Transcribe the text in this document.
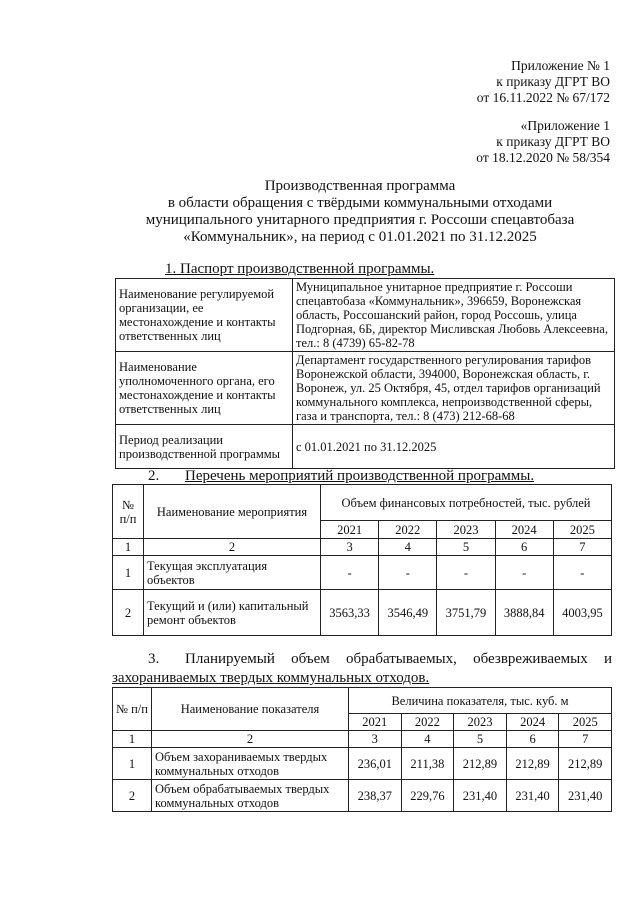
Приложение № 1
к приказу ДГРТ ВО
от 16.11.2022 № 67/172
«Приложение 1
к приказу ДГРТ ВО
от 18.12.2020 № 58/354
Производственная программа
в области обращения с твёрдыми коммунальными отходами
муниципального унитарного предприятия г. Россоши спецавтобаза
«Коммунальник», на период с 01.01.2021 по 31.12.2025
1. Паспорт производственной программы.
Наименование регулируемой организации, ее местонахождение и контакты ответственных лиц	Муниципальное унитарное предприятие г. Россоши спецавтобаза «Коммунальник», 396659, Воронежская область, Россошанский район, город Россошь, улица Подгорная, 6Б, директор Мисливская Любовь Алексеевна, тел.: 8 (4739) 65-82-78
Наименование уполномоченного органа, его местонахождение и контакты ответственных лиц	Департамент государственного регулирования тарифов Воронежской области, 394000, Воронежская область, г. Воронеж, ул. 25 Октября, 45, отдел тарифов организаций коммунального комплекса, непроизводственной сферы, газа и транспорта, тел.: 8 (473) 212-68-68
Период реализации производственной программы	с 01.01.2021 по 31.12.2025
2. Перечень мероприятий производственной программы.
№ п/п	Наименование мероприятия	Объем финансовых потребностей, тыс. рублей				
		2021	2022	2023	2024	2025
1	2	3	4	5	6	7
1	Текущая эксплуатация объектов	-	-	-	-	-
2	Текущий и (или) капитальный ремонт объектов	3563,33	3546,49	3751,79	3888,84	4003,95
3. Планируемый объем обрабатываемых, обезвреживаемых и
захораниваемых твердых коммунальных отходов.
№ п/п	Наименование показателя	Величина показателя, тыс. куб. м				
		2021	2022	2023	2024	2025
1	2	3	4	5	6	7
1	Объем захораниваемых твердых коммунальных отходов	236,01	211,38	212,89	212,89	212,89
2	Объем обрабатываемых твердых коммунальных отходов	238,37	229,76	231,40	231,40	231,40
